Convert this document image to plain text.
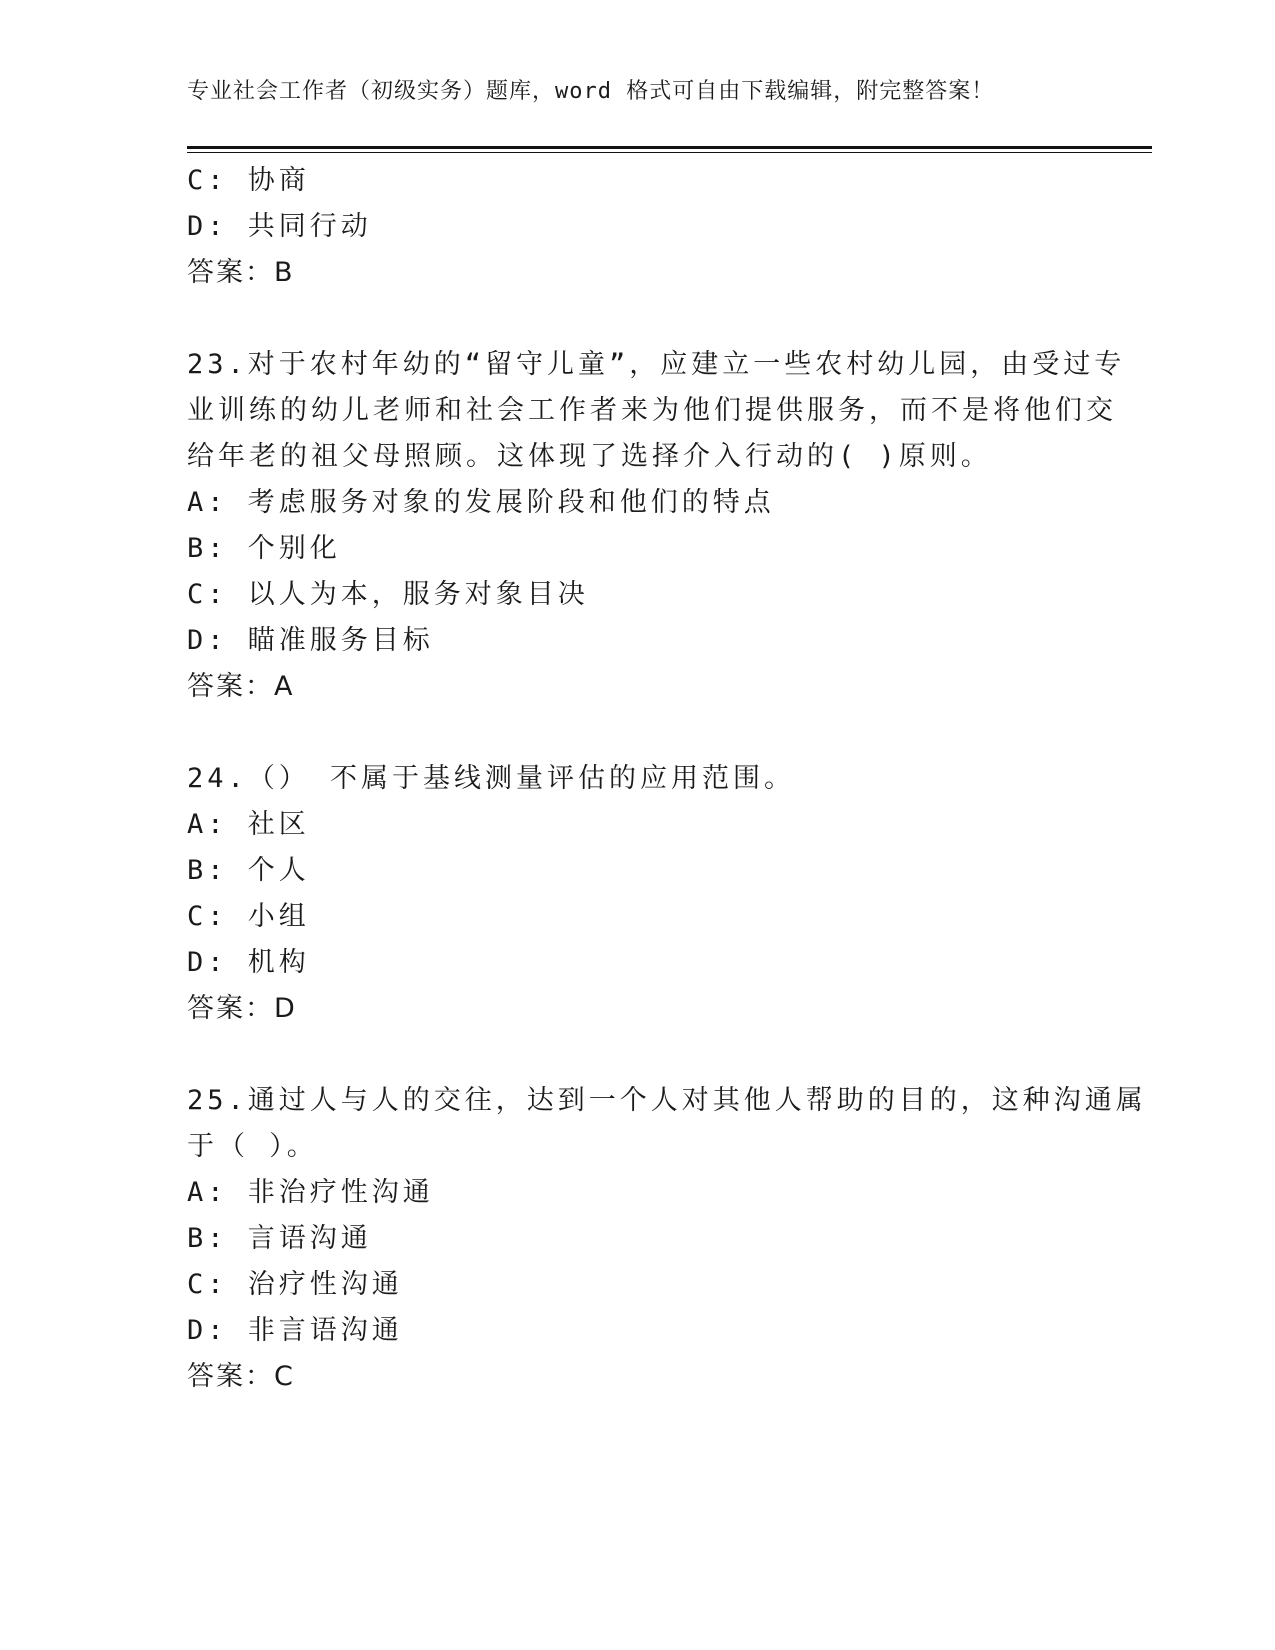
专业社会工作者（初级实务）题库，word 格式可自由下载编辑，附完整答案！
C: 协商
D: 共同行动
答案：B
23.对于农村年幼的“留守儿童”，应建立一些农村幼儿园，由受过专
业训练的幼儿老师和社会工作者来为他们提供服务，而不是将他们交
给年老的祖父母照顾。这体现了选择介入行动的( )原则。
A: 考虑服务对象的发展阶段和他们的特点
B: 个别化
C: 以人为本，服务对象目决
D: 瞄准服务目标
答案：A
24.（） 不属于基线测量评估的应用范围。
A: 社区
B: 个人
C: 小组
D: 机构
答案：D
25.通过人与人的交往，达到一个人对其他人帮助的目的，这种沟通属
于（ ）。
A: 非治疗性沟通
B: 言语沟通
C: 治疗性沟通
D: 非言语沟通
答案：C
